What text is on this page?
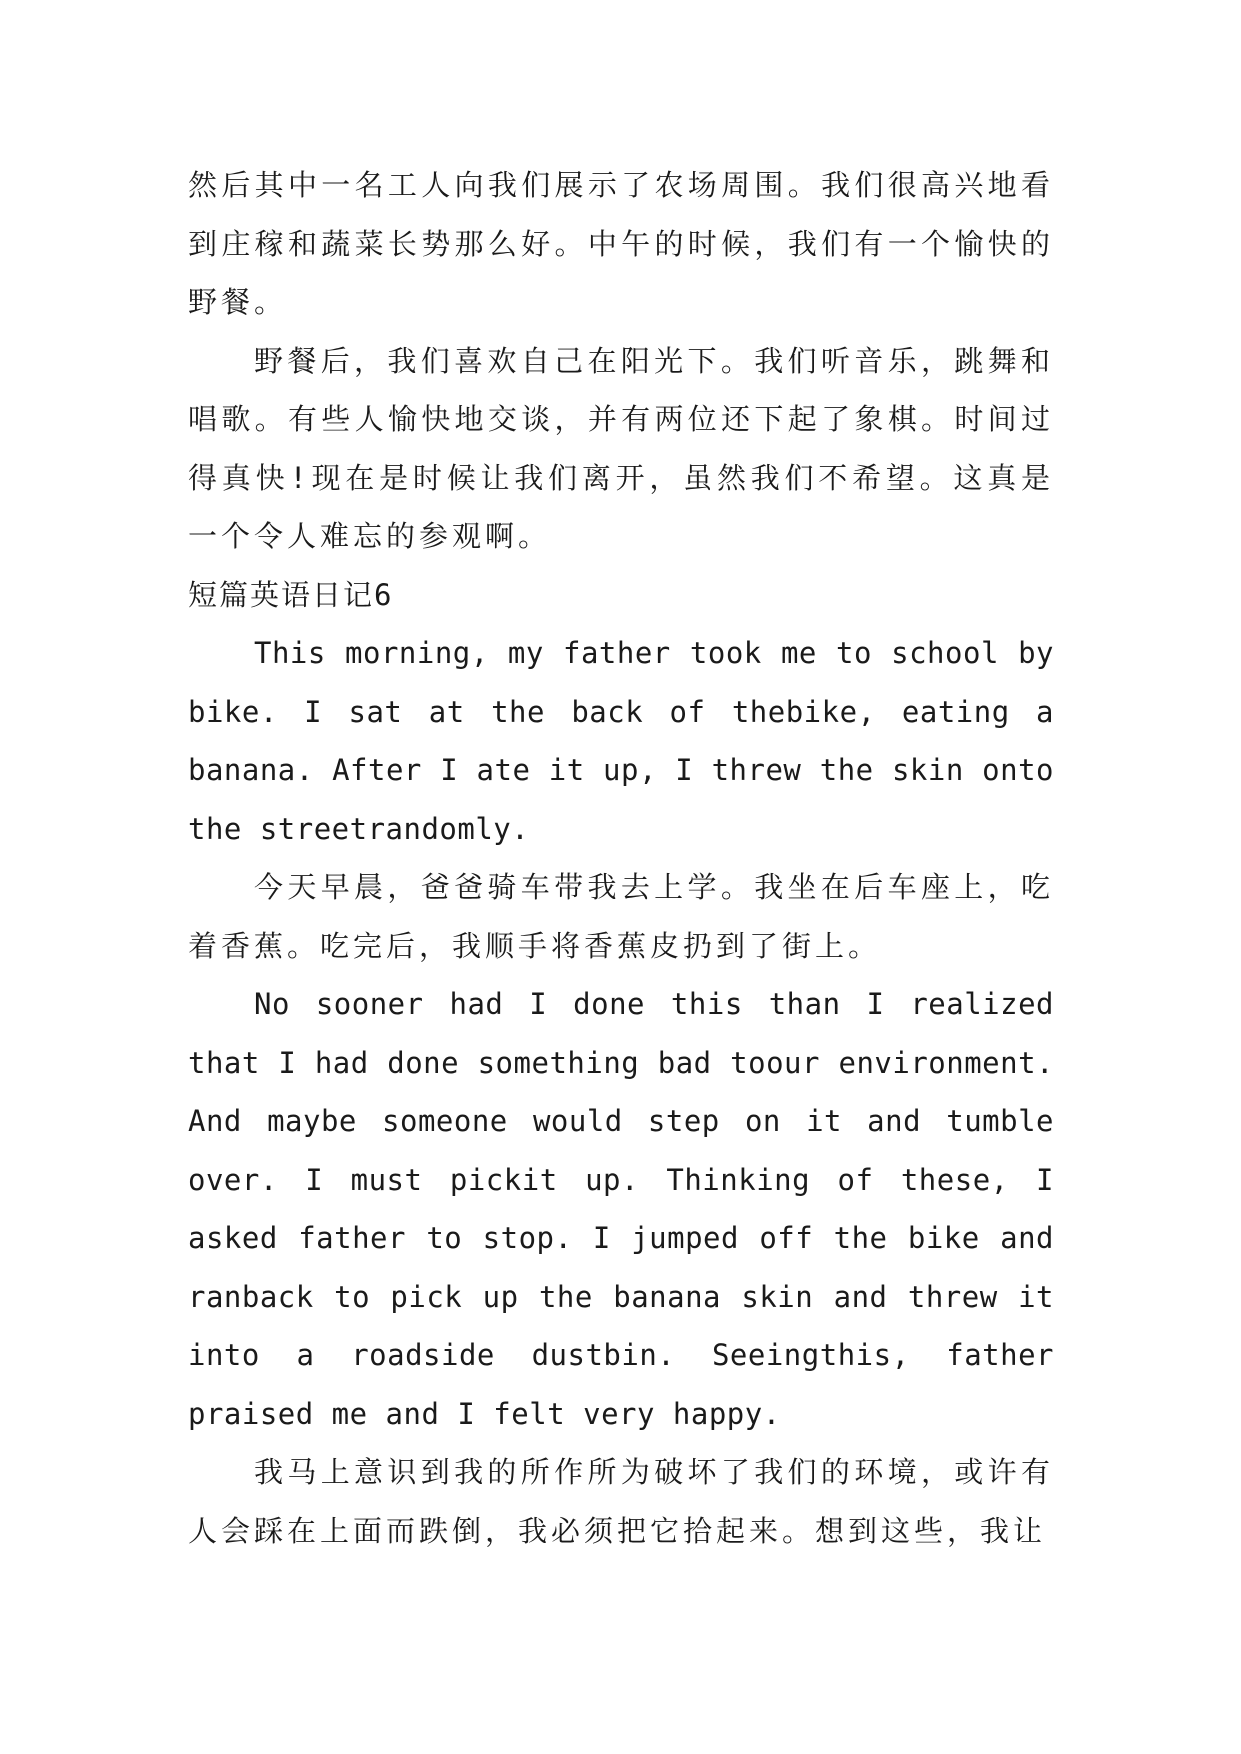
然后其中一名工人向我们展示了农场周围。我们很高兴地看到庄稼和蔬菜长势那么好。中午的时候，我们有一个愉快的野餐。

野餐后，我们喜欢自己在阳光下。我们听音乐，跳舞和唱歌。有些人愉快地交谈，并有两位还下起了象棋。时间过得真快!现在是时候让我们离开，虽然我们不希望。这真是一个令人难忘的参观啊。

短篇英语日记6

This morning, my father took me to school by bike. I sat at the back of thebike, eating a banana. After I ate it up, I threw the skin onto the streetrandomly.

今天早晨，爸爸骑车带我去上学。我坐在后车座上，吃着香蕉。吃完后，我顺手将香蕉皮扔到了街上。

No sooner had I done this than I realized that I had done something bad toour environment. And maybe someone would step on it and tumble over. I must pickit up. Thinking of these, I asked father to stop. I jumped off the bike and ranback to pick up the banana skin and threw it into a roadside dustbin. Seeingthis, father praised me and I felt very happy.

我马上意识到我的所作所为破坏了我们的环境，或许有人会踩在上面而跌倒，我必须把它拾起来。想到这些，我让
